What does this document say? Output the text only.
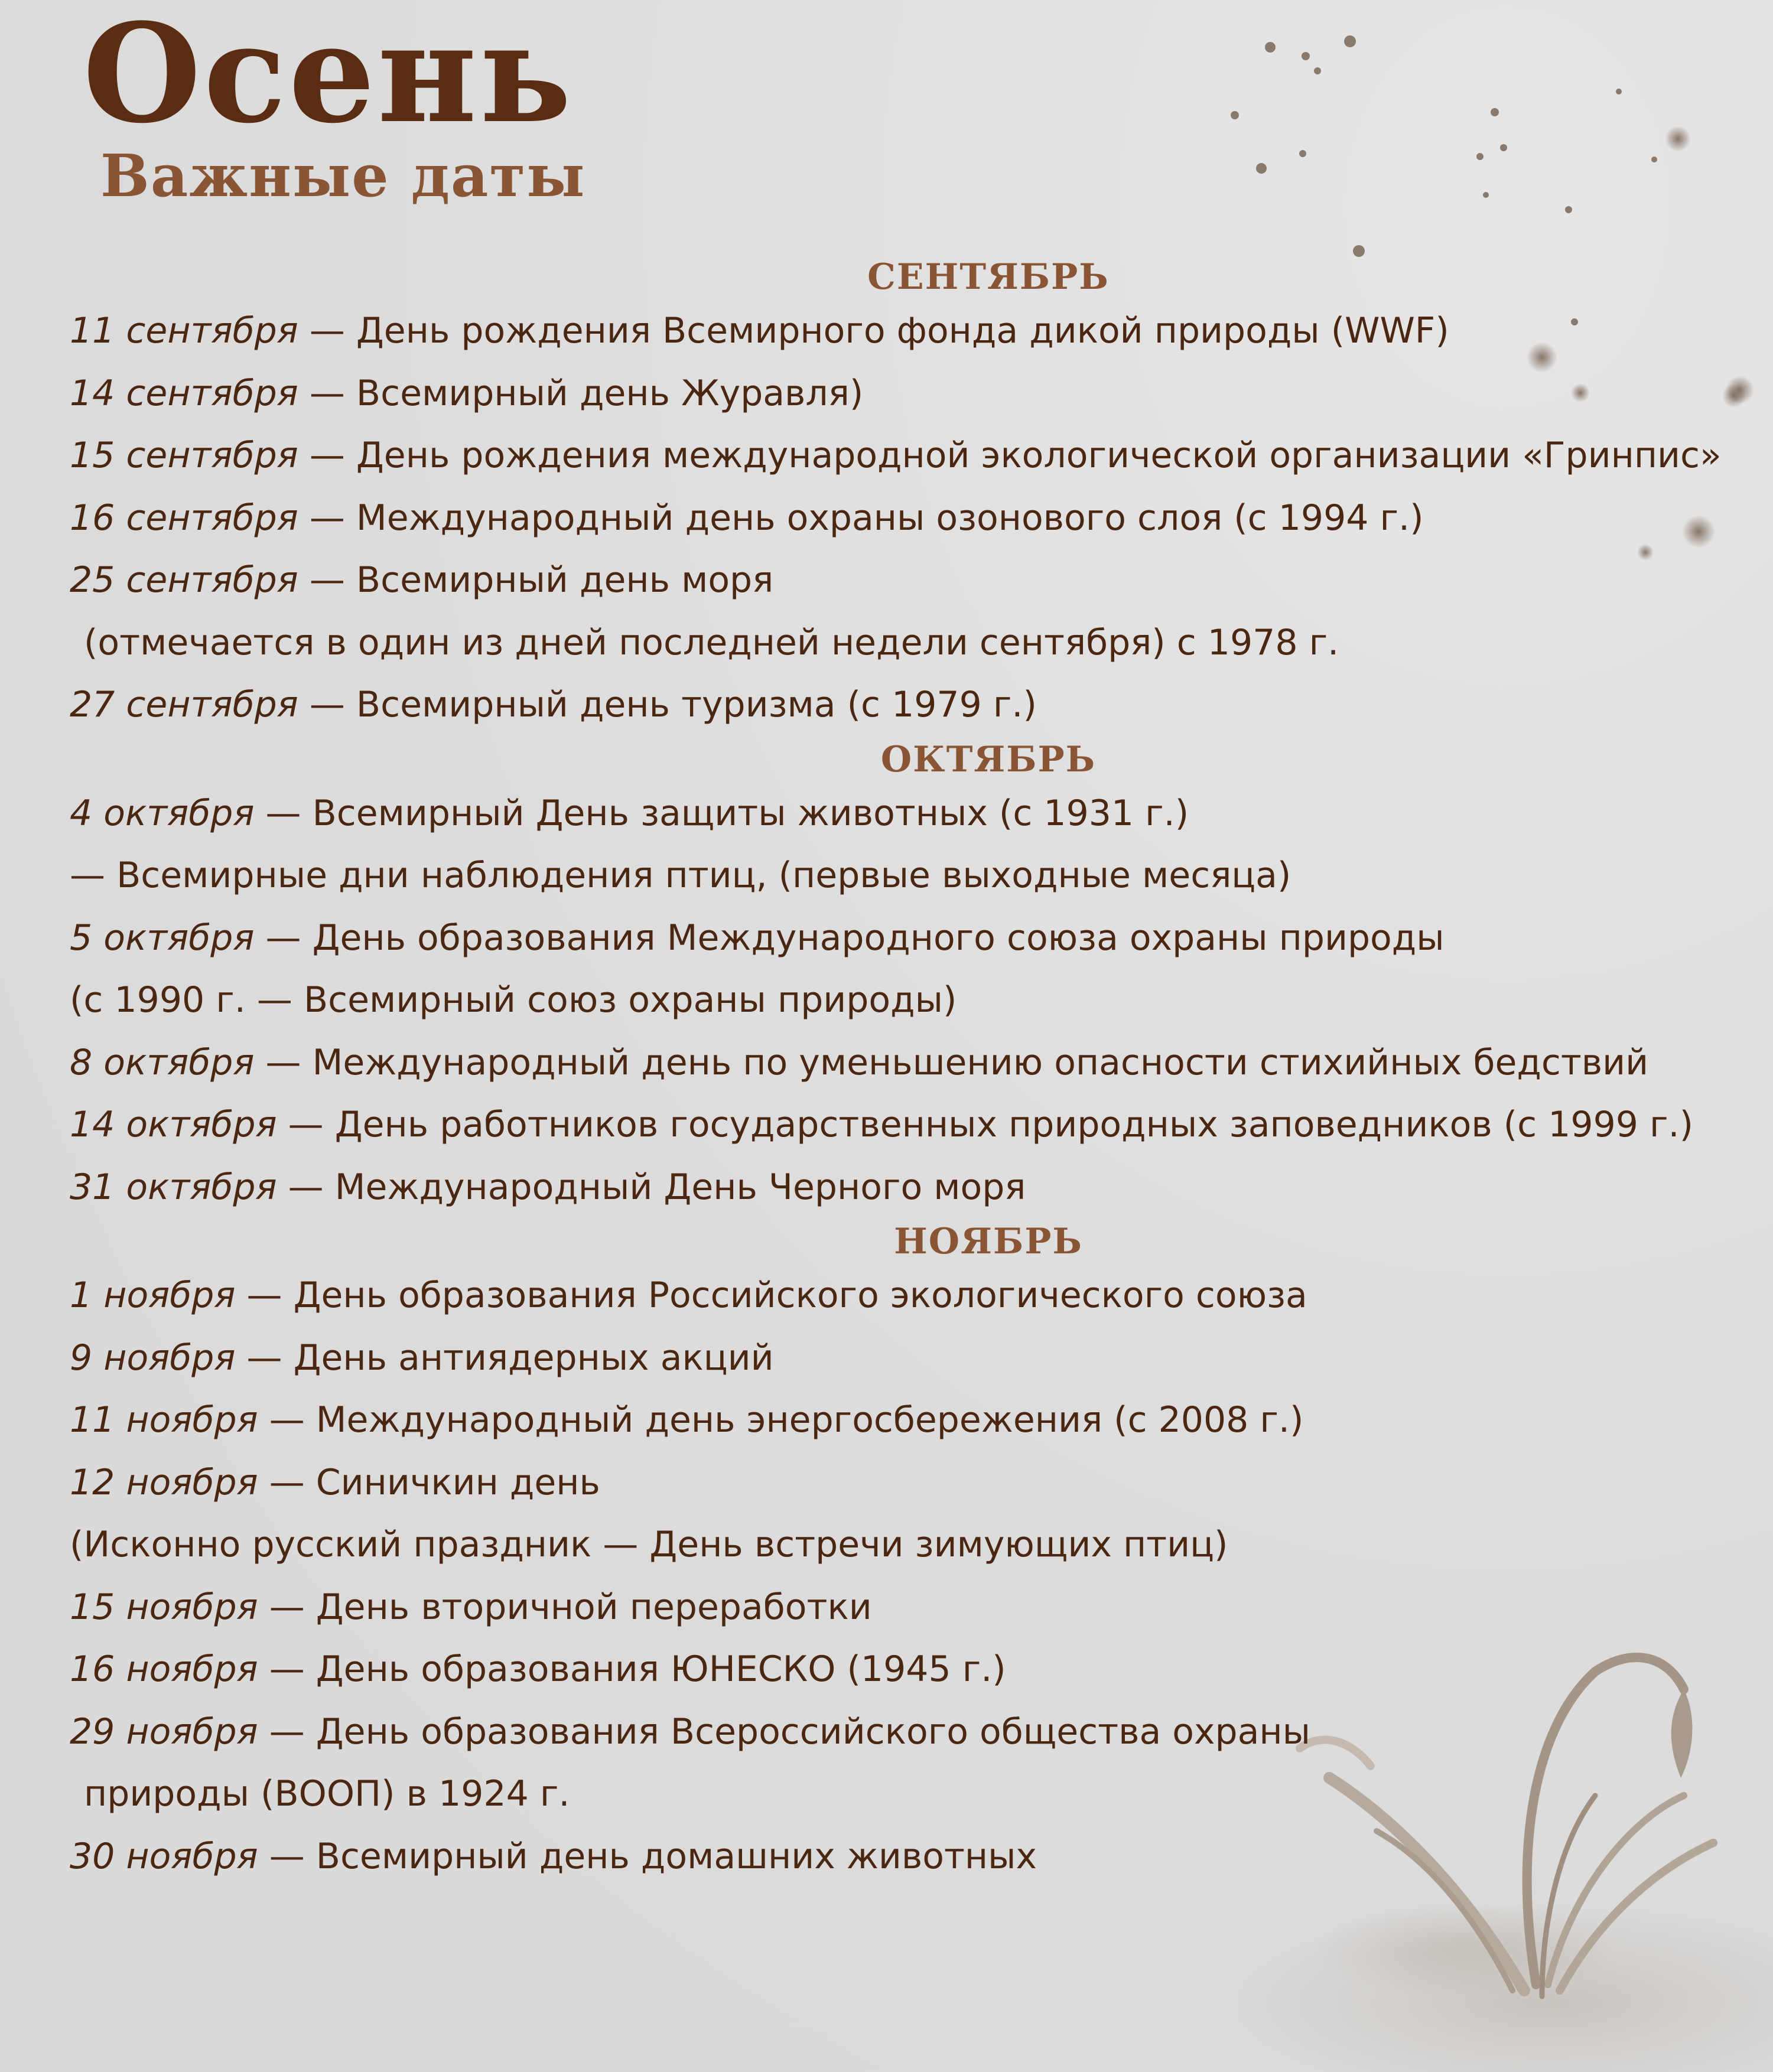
Осень
Важные даты
СЕНТЯБРЬ
11 сентября — День рождения Всемирного фонда дикой природы (WWF)
14 сентября — Всемирный день Журавля)
15 сентября — День рождения международной экологической организации «Гринпис»
16 сентября — Международный день охраны озонового слоя (с 1994 г.)
25 сентября — Всемирный день моря
(отмечается в один из дней последней недели сентября) с 1978 г.
27 сентября — Всемирный день туризма (с 1979 г.)
ОКТЯБРЬ
4 октября — Всемирный День защиты животных (с 1931 г.)
— Всемирные дни наблюдения птиц, (первые выходные месяца)
5 октября — День образования Международного союза охраны природы
(с 1990 г. — Всемирный союз охраны природы)
8 октября — Международный день по уменьшению опасности стихийных бедствий
14 октября — День работников государственных природных заповедников (с 1999 г.)
31 октября — Международный День Черного моря
НОЯБРЬ
1 ноября — День образования Российского экологического союза
9 ноября — День антиядерных акций
11 ноября — Международный день энергосбережения (с 2008 г.)
12 ноября — Синичкин день
(Исконно русский праздник — День встречи зимующих птиц)
15 ноября — День вторичной переработки
16 ноября — День образования ЮНЕСКО (1945 г.)
29 ноября — День образования Всероссийского общества охраны
природы (ВООП) в 1924 г.
30 ноября — Всемирный день домашних животных
